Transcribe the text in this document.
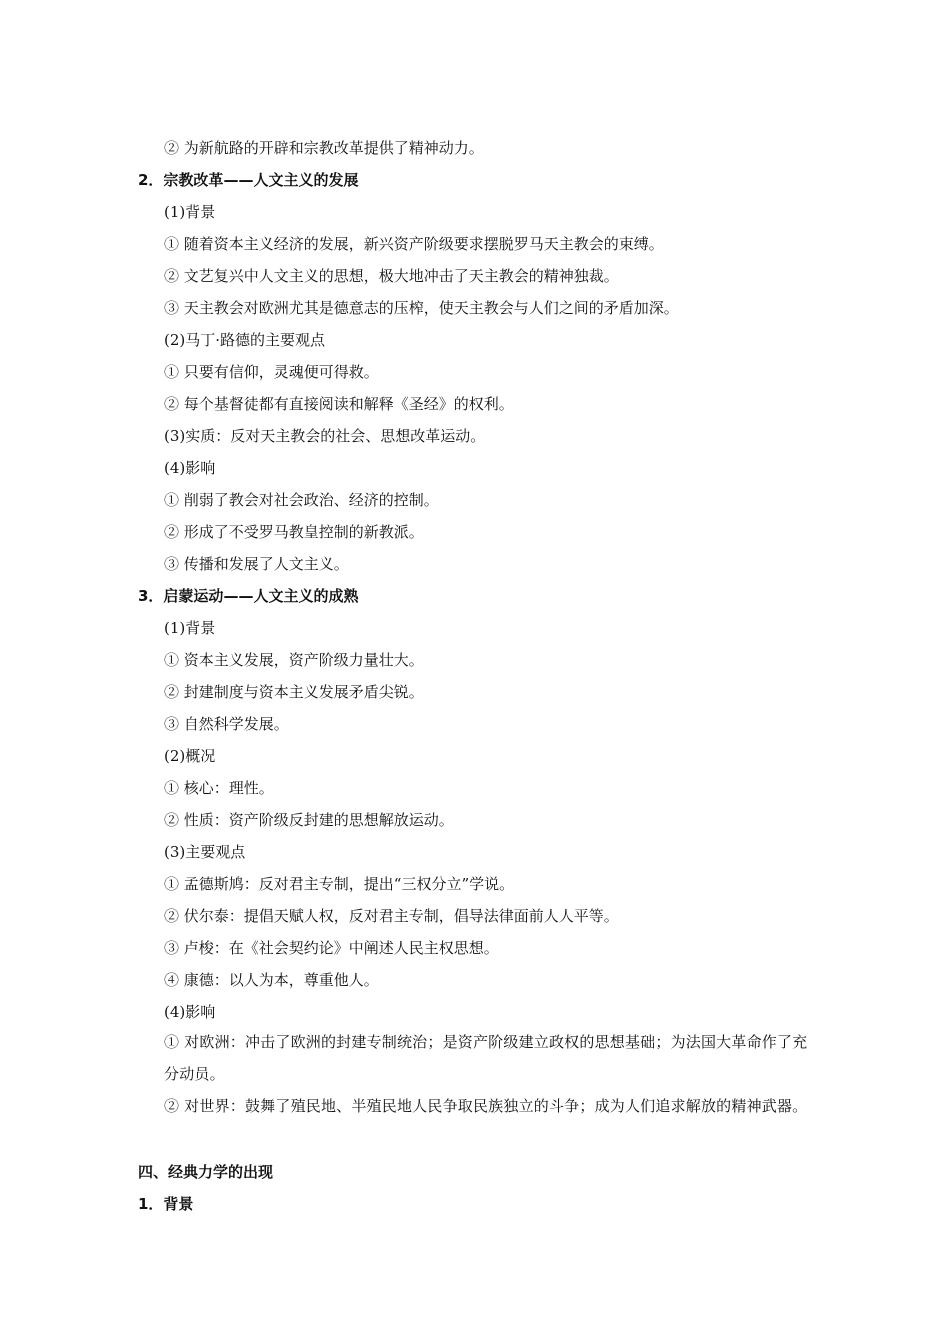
② 为新航路的开辟和宗教改革提供了精神动力。
2．宗教改革——人文主义的发展
(1)背景
① 随着资本主义经济的发展，新兴资产阶级要求摆脱罗马天主教会的束缚。
② 文艺复兴中人文主义的思想，极大地冲击了天主教会的精神独裁。
③ 天主教会对欧洲尤其是德意志的压榨，使天主教会与人们之间的矛盾加深。
(2)马丁·路德的主要观点
① 只要有信仰，灵魂便可得救。
② 每个基督徒都有直接阅读和解释《圣经》的权利。
(3)实质：反对天主教会的社会、思想改革运动。
(4)影响
① 削弱了教会对社会政治、经济的控制。
② 形成了不受罗马教皇控制的新教派。
③ 传播和发展了人文主义。
3．启蒙运动——人文主义的成熟
(1)背景
① 资本主义发展，资产阶级力量壮大。
② 封建制度与资本主义发展矛盾尖锐。
③ 自然科学发展。
(2)概况
① 核心：理性。
② 性质：资产阶级反封建的思想解放运动。
(3)主要观点
① 孟德斯鸠：反对君主专制，提出“三权分立”学说。
② 伏尔泰：提倡天赋人权，反对君主专制，倡导法律面前人人平等。
③ 卢梭：在《社会契约论》中阐述人民主权思想。
④ 康德：以人为本，尊重他人。
(4)影响
① 对欧洲：冲击了欧洲的封建专制统治；是资产阶级建立政权的思想基础；为法国大革命作了充分动员。
② 对世界：鼓舞了殖民地、半殖民地人民争取民族独立的斗争；成为人们追求解放的精神武器。
四、经典力学的出现
1．背景
